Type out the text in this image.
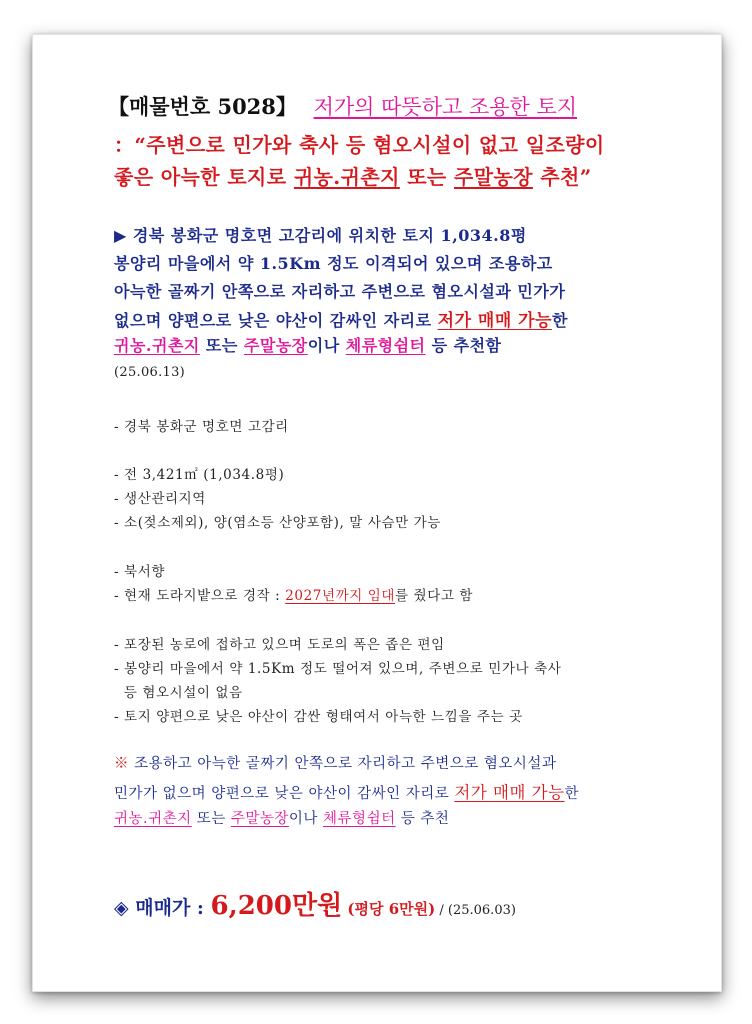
【매물번호 5028】 저가의 따뜻하고 조용한 토지
：“주변으로 민가와 축사 등 혐오시설이 없고 일조량이
좋은 아늑한 토지로 귀농.귀촌지 또는 주말농장 추천”
▶ 경북 봉화군 명호면 고감리에 위치한 토지 1,034.8평
봉양리 마을에서 약 1.5Km 정도 이격되어 있으며 조용하고
아늑한 골짜기 안쪽으로 자리하고 주변으로 혐오시설과 민가가
없으며 양편으로 낮은 야산이 감싸인 자리로 저가 매매 가능한
귀농.귀촌지 또는 주말농장이나 체류형쉼터 등 추천함
(25.06.13)
- 경북 봉화군 명호면 고감리
- 전 3,421㎡ (1,034.8평)
- 생산관리지역
- 소(젖소제외), 양(염소등 산양포함), 말 사슴만 가능
- 북서향
- 현재 도라지밭으로 경작 : 2027년까지 임대를 줬다고 함
- 포장된 농로에 접하고 있으며 도로의 폭은 좁은 편임
- 봉양리 마을에서 약 1.5Km 정도 떨어져 있으며, 주변으로 민가나 축사
등 혐오시설이 없음
- 토지 양편으로 낮은 야산이 감싼 형태여서 아늑한 느낌을 주는 곳
※ 조용하고 아늑한 골짜기 안쪽으로 자리하고 주변으로 혐오시설과
민가가 없으며 양편으로 낮은 야산이 감싸인 자리로 저가 매매 가능한
귀농.귀촌지 또는 주말농장이나 체류형쉼터 등 추천
◈ 매매가 : 6,200만원 (평당 6만원) / (25.06.03)
